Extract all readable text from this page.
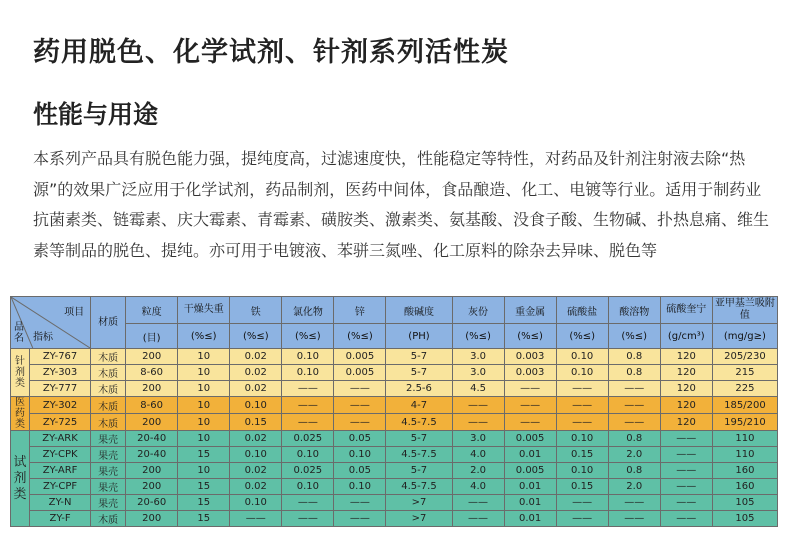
药用脱色、化学试剂、针剂系列活性炭
性能与用途
本系列产品具有脱色能力强，提纯度高，过滤速度快，性能稳定等特性，对药品及针剂注射液去除“热源”的效果广泛应用于化学试剂，药品制剂，医药中间体，食品酿造、化工、电镀等行业。适用于制药业抗菌素类、链霉素、庆大霉素、青霉素、磺胺类、激素类、氨基酸、没食子酸、生物碱、扑热息痛、维生素等制品的脱色、提纯。亦可用于电镀液、苯骈三氮唑、化工原料的除杂去异味、脱色等
项目
指标
品名		材质	粒度	干燥失重	铁	氯化物	锌	酸碱度	灰份	重金属	硫酸盐	酸溶物	硫酸奎宁	亚甲基兰吸附值
			(目)	(%≤)	(%≤)	(%≤)	(%≤)	(PH)	(%≤)	(%≤)	(%≤)	(%≤)	(g/cm³)	(mg/g≥)
针剂类	ZY-767	木质	200	10	0.02	0.10	0.005	5-7	3.0	0.003	0.10	0.8	120	205/230
	ZY-303	木质	8-60	10	0.02	0.10	0.005	5-7	3.0	0.003	0.10	0.8	120	215
	ZY-777	木质	200	10	0.02	——	——	2.5-6	4.5	——	——	——	120	225
医药类	ZY-302	木质	8-60	10	0.10	——	——	4-7	——	——	——	——	120	185/200
	ZY-725	木质	200	10	0.15	——	——	4.5-7.5	——	——	——	——	120	195/210
试剂类	ZY-ARK	果壳	20-40	10	0.02	0.025	0.05	5-7	3.0	0.005	0.10	0.8	——	110
	ZY-CPK	果壳	20-40	15	0.10	0.10	0.10	4.5-7.5	4.0	0.01	0.15	2.0	——	110
	ZY-ARF	果壳	200	10	0.02	0.025	0.05	5-7	2.0	0.005	0.10	0.8	——	160
	ZY-CPF	果壳	200	15	0.02	0.10	0.10	4.5-7.5	4.0	0.01	0.15	2.0	——	160
	ZY-N	果壳	20-60	15	0.10	——	——	>7	——	0.01	——	——	——	105
	ZY-F	木质	200	15	——	——	——	>7	——	0.01	——	——	——	105
